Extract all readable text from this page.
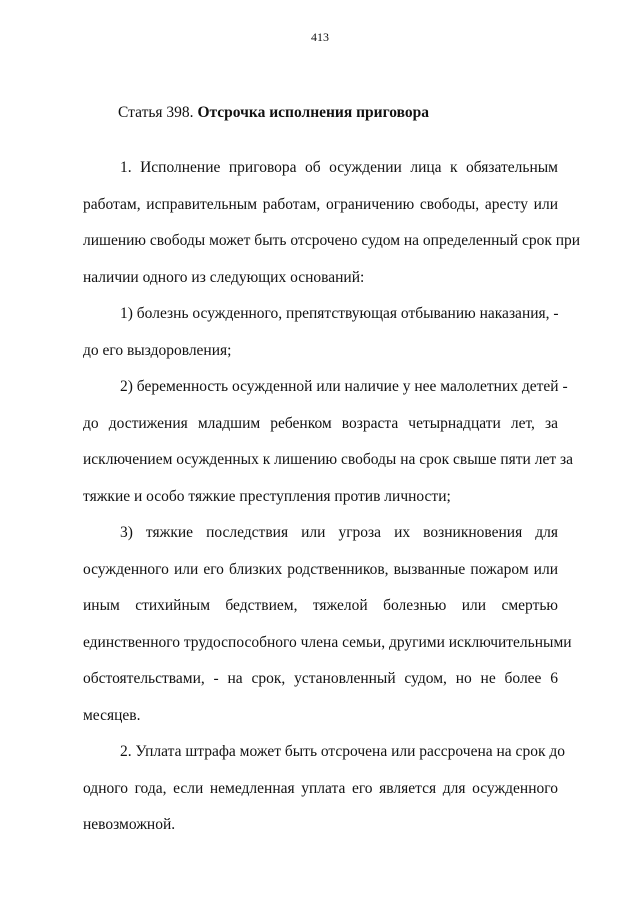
413
Статья 398. Отсрочка исполнения приговора
1. Исполнение приговора об осуждении лица к обязательным
работам, исправительным работам, ограничению свободы, аресту или
лишению свободы может быть отсрочено судом на определенный срок при
наличии одного из следующих оснований:
1) болезнь осужденного, препятствующая отбыванию наказания, -
до его выздоровления;
2) беременность осужденной или наличие у нее малолетних детей -
до достижения младшим ребенком возраста четырнадцати лет, за
исключением осужденных к лишению свободы на срок свыше пяти лет за
тяжкие и особо тяжкие преступления против личности;
3) тяжкие последствия или угроза их возникновения для
осужденного или его близких родственников, вызванные пожаром или
иным стихийным бедствием, тяжелой болезнью или смертью
единственного трудоспособного члена семьи, другими исключительными
обстоятельствами, - на срок, установленный судом, но не более 6
месяцев.
2. Уплата штрафа может быть отсрочена или рассрочена на срок до
одного года, если немедленная уплата его является для осужденного
невозможной.
